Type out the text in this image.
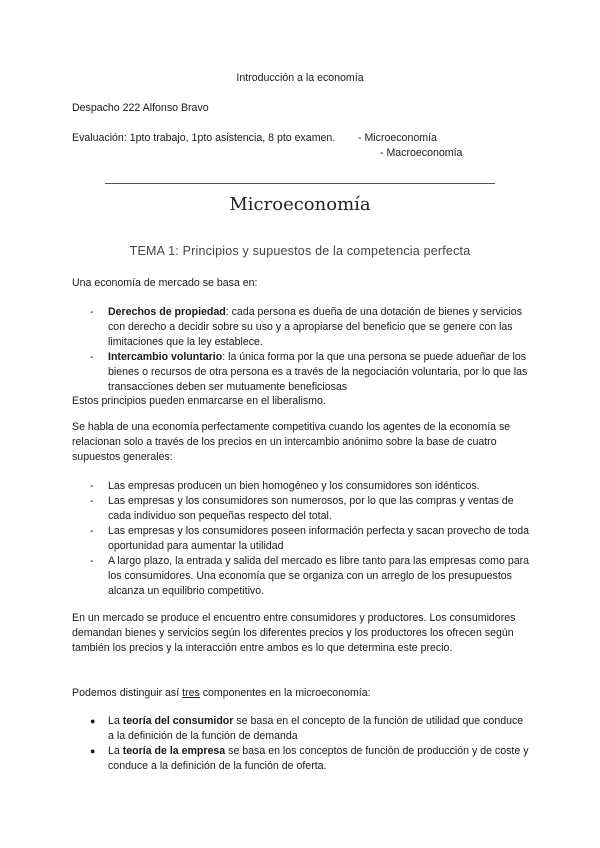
Introducción a la economía
Despacho 222 Alfonso Bravo
Evaluación: 1pto trabajo, 1pto asistencia, 8 pto examen. - Microeconomía
- Macroeconomía
Microeconomía
TEMA 1: Principios y supuestos de la competencia perfecta
Una economía de mercado se basa en:
- Derechos de propiedad: cada persona es dueña de una dotación de bienes y servicios con derecho a decidir sobre su uso y a apropiarse del beneficio que se genere con las limitaciones que la ley establece.
- Intercambio voluntario: la única forma por la que una persona se puede adueñar de los bienes o recursos de otra persona es a través de la negociación voluntaria, por lo que las transacciones deben ser mutuamente beneficiosas
Estos principios pueden enmarcarse en el liberalismo.
Se habla de una economía perfectamente competitiva cuando los agentes de la economía se relacionan solo a través de los precios en un intercambio anónimo sobre la base de cuatro supuestos generales:
- Las empresas producen un bien homogéneo y los consumidores son idénticos.
- Las empresas y los consumidores son numerosos, por lo que las compras y ventas de cada individuo son pequeñas respecto del total.
- Las empresas y los consumidores poseen información perfecta y sacan provecho de toda oportunidad para aumentar la utilidad
- A largo plazo, la entrada y salida del mercado es libre tanto para las empresas como para los consumidores. Una economía que se organiza con un arreglo de los presupuestos alcanza un equilibrio competitivo.
En un mercado se produce el encuentro entre consumidores y productores. Los consumidores demandan bienes y servicios según los diferentes precios y los productores los ofrecen según también los precios y la interacción entre ambos es lo que determina este precio.
Podemos distinguir así tres componentes en la microeconomía:
● La teoría del consumidor se basa en el concepto de la función de utilidad que conduce a la definición de la función de demanda
● La teoría de la empresa se basa en los conceptos de función de producción y de coste y conduce a la definición de la función de oferta.
